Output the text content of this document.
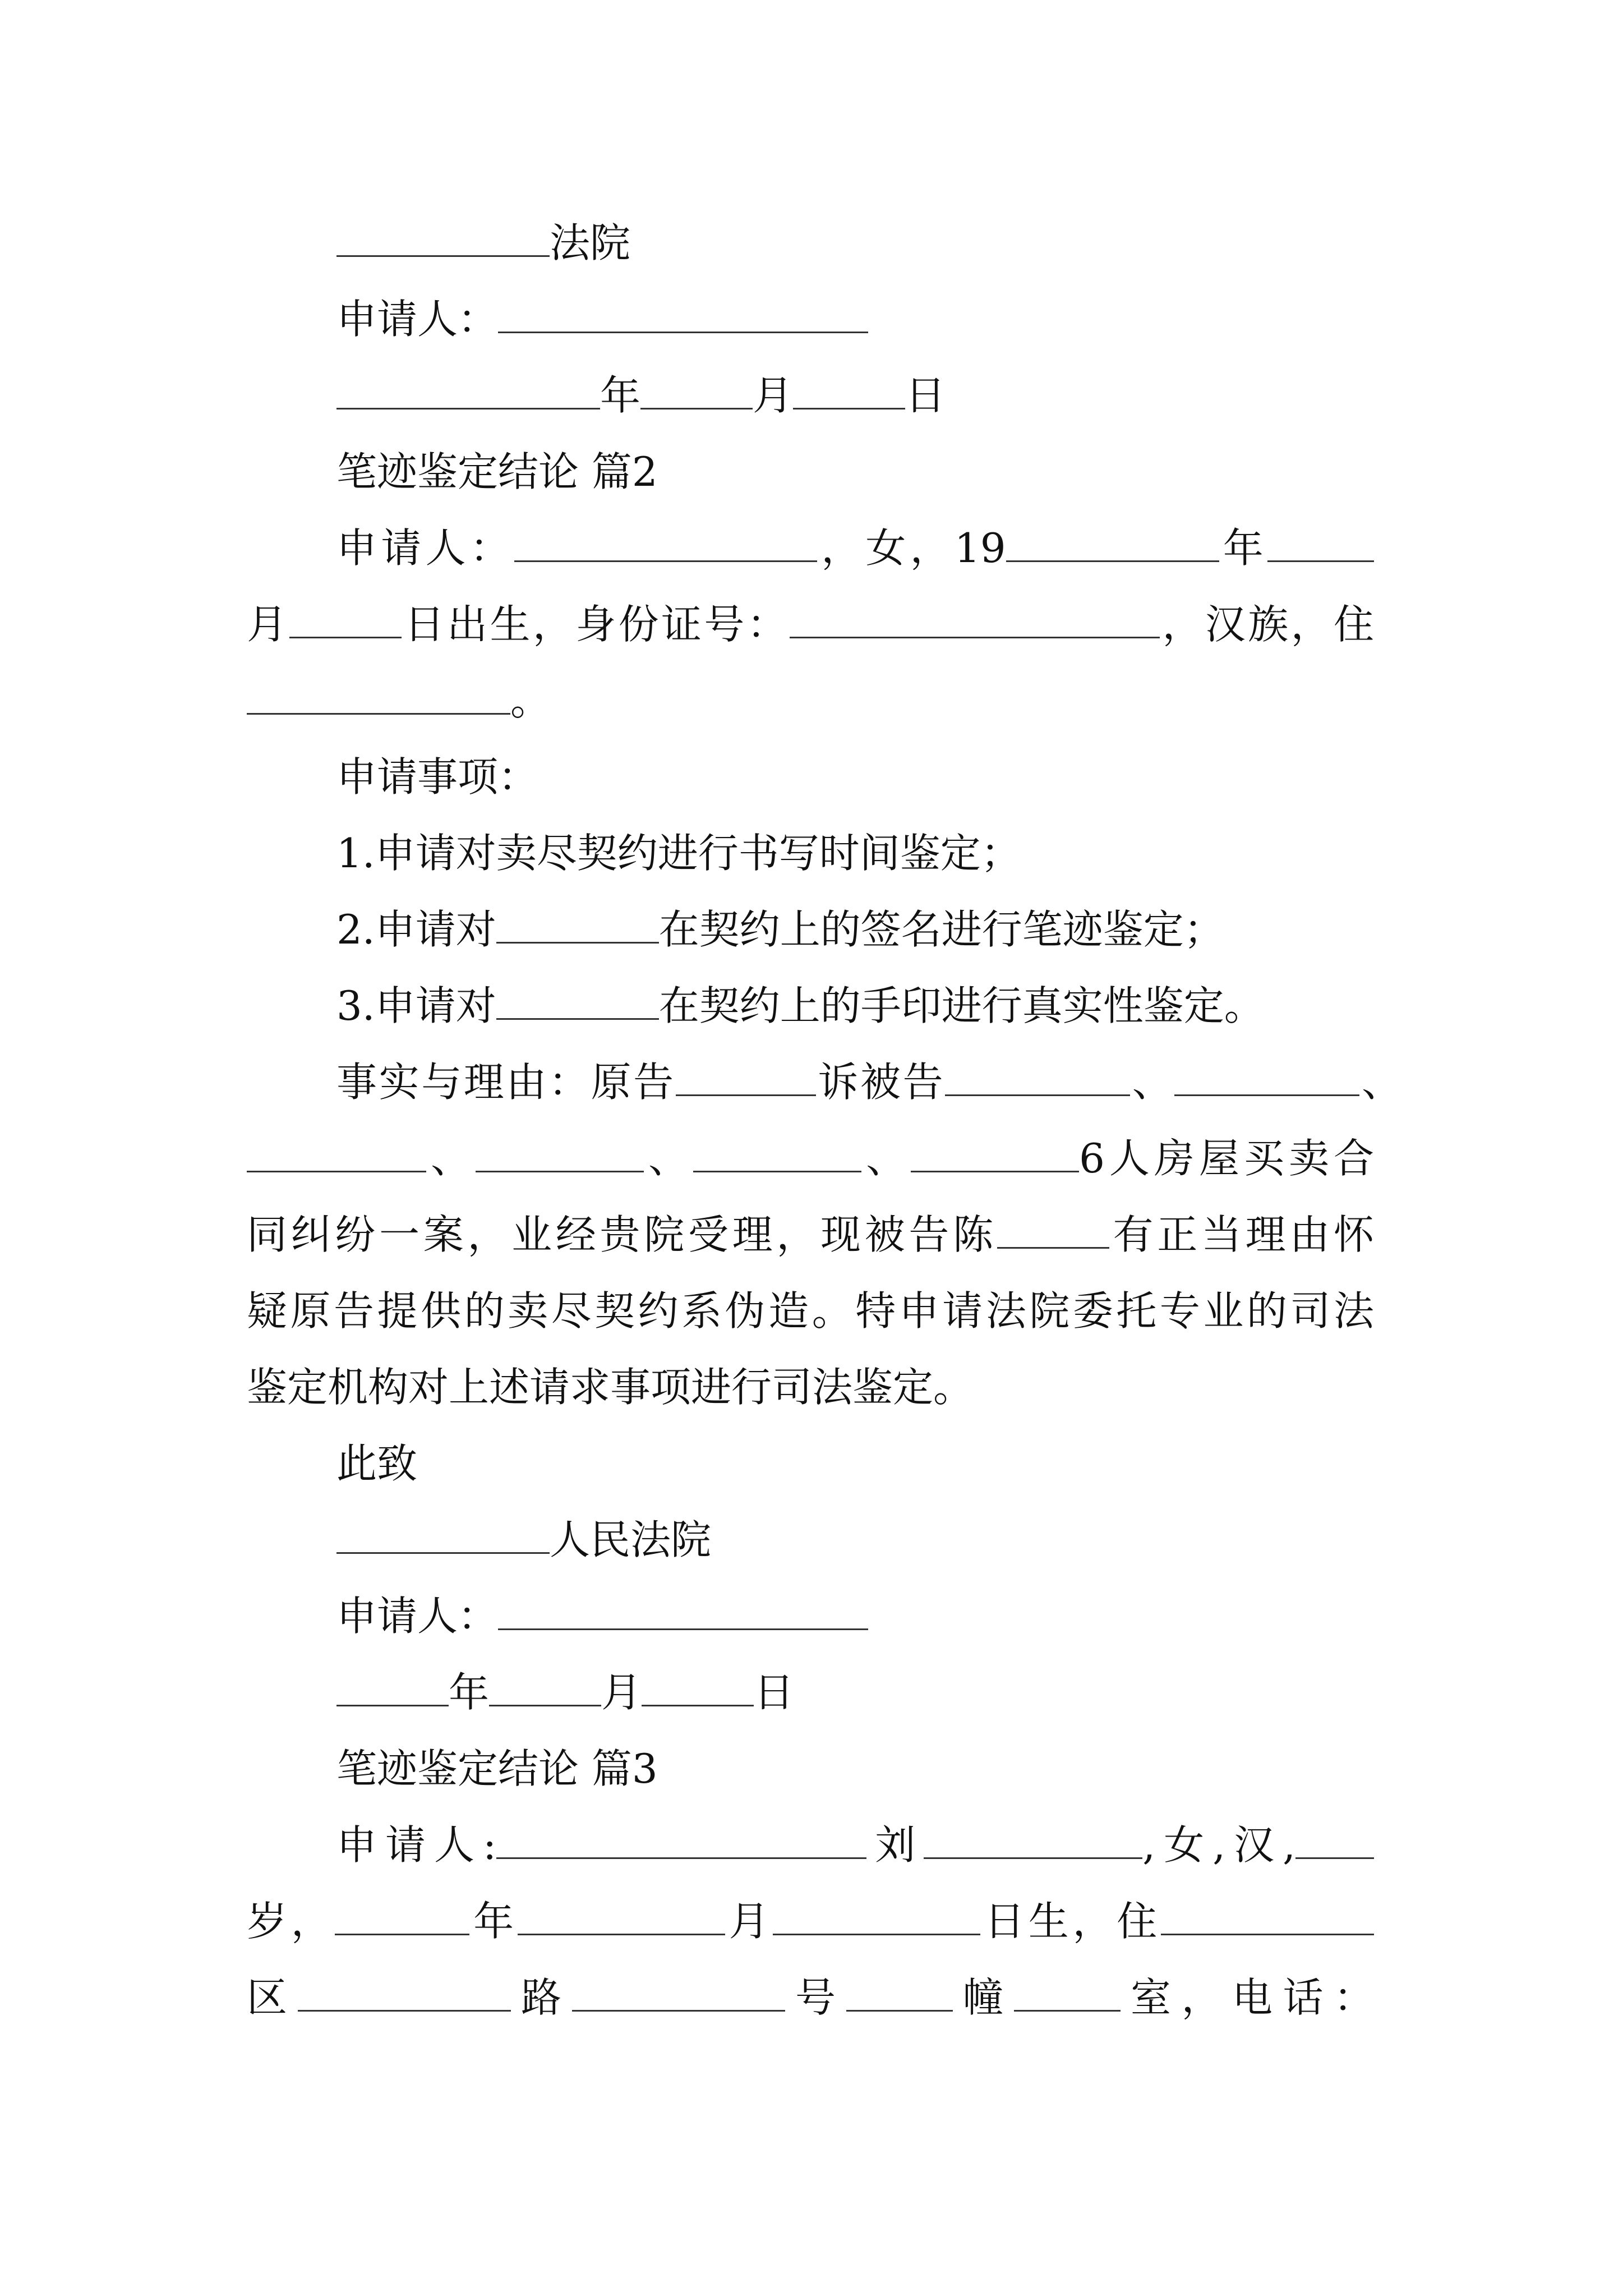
法院
申请人：
年	月	日
笔迹鉴定结论 篇2
申请人：	，女，19	年
月	日出生，身份证号：	，汉族，住
。
申请事项：
1.申请对卖尽契约进行书写时间鉴定；
2.申请对	在契约上的签名进行笔迹鉴定；
3.申请对	在契约上的手印进行真实性鉴定。
事实与理由：原告	诉被告	、	、
、	、	、	6人房屋买卖合
同纠纷一案，业经贵院受理，现被告陈	有正当理由怀
疑原告提供的卖尽契约系伪造。特申请法院委托专业的司法
鉴定机构对上述请求事项进行司法鉴定。
此致
人民法院
申请人：
年	月	日
笔迹鉴定结论 篇3
申请人:	刘	,女,汉,
岁，	年	月	日生，住
区	路	号	幢	室，电话：
